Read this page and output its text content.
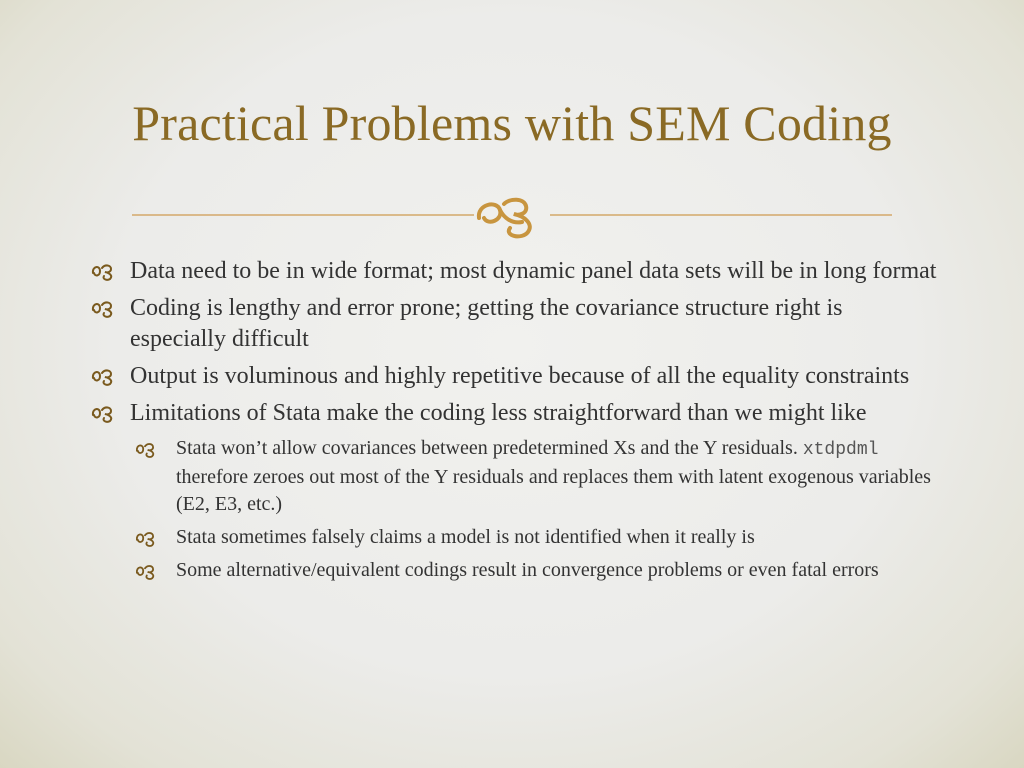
Practical Problems with SEM Coding
Data need to be in wide format; most dynamic panel data sets will be in long format
Coding is lengthy and error prone; getting the covariance structure right is especially difficult
Output is voluminous and highly repetitive because of all the equality constraints
Limitations of Stata make the coding less straightforward than we might like
Stata won’t allow covariances between predetermined Xs and the Y residuals. xtdpdml therefore zeroes out most of the Y residuals and replaces them with latent exogenous variables (E2, E3, etc.)
Stata sometimes falsely claims a model is not identified when it really is
Some alternative/equivalent codings result in convergence problems or even fatal errors
